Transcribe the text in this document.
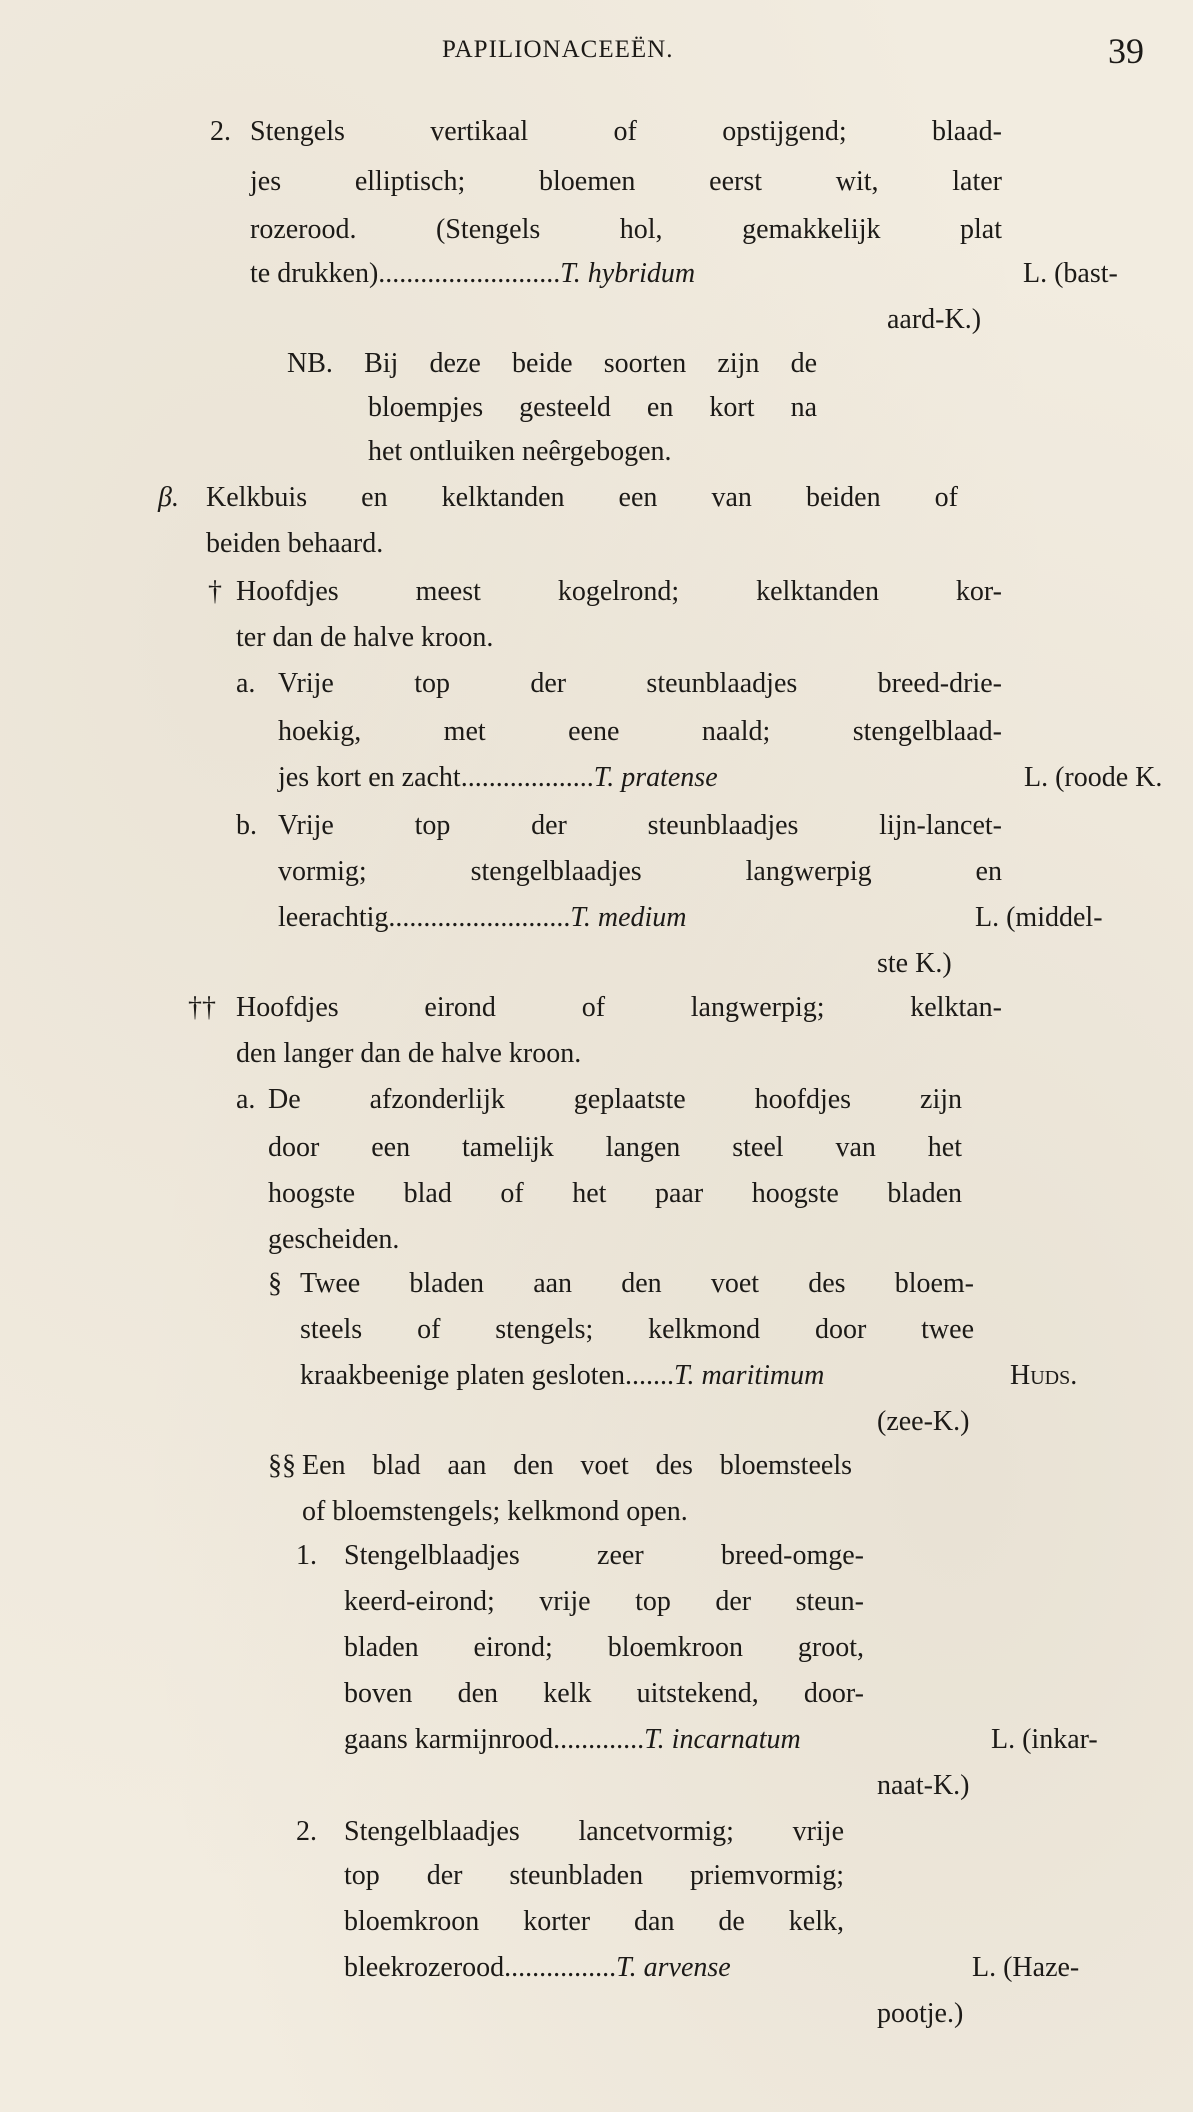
PAPILIONACEEËN.	39
2. Stengels vertikaal of opstijgend; blaad-
jes elliptisch; bloemen eerst wit, later
rozerood. (Stengels hol, gemakkelijk plat
te drukken)..........................T. hybridum	L. (bast-
aard-K.)
NB. Bij deze beide soorten zijn de
bloempjes gesteeld en kort na
het ontluiken neêrgebogen.
β. Kelkbuis en kelktanden een van beiden of
beiden behaard.
† Hoofdjes meest kogelrond; kelktanden kor-
ter dan de halve kroon.
a. Vrije top der steunblaadjes breed-drie-
hoekig, met eene naald; stengelblaad-
jes kort en zacht...................T. pratense	L. (roode K.
b. Vrije top der steunblaadjes lijn-lancet-
vormig; stengelblaadjes langwerpig en
leerachtig..........................T. medium	L. (middel-
ste K.)
†† Hoofdjes eirond of langwerpig; kelktan-
den langer dan de halve kroon.
a. De afzonderlijk geplaatste hoofdjes zijn
door een tamelijk langen steel van het
hoogste blad of het paar hoogste bladen
gescheiden.
§ Twee bladen aan den voet des bloem-
steels of stengels; kelkmond door twee
kraakbeenige platen gesloten.......T. maritimum	Huds.
(zee-K.)
§§ Een blad aan den voet des bloemsteels
of bloemstengels; kelkmond open.
1. Stengelblaadjes zeer breed-omge-
keerd-eirond; vrije top der steun-
bladen eirond; bloemkroon groot,
boven den kelk uitstekend, door-
gaans karmijnrood.............T. incarnatum	L. (inkar-
naat-K.)
2. Stengelblaadjes lancetvormig; vrije
top der steunbladen priemvormig;
bloemkroon korter dan de kelk,
bleekrozerood................T. arvense	L. (Haze-
pootje.)
